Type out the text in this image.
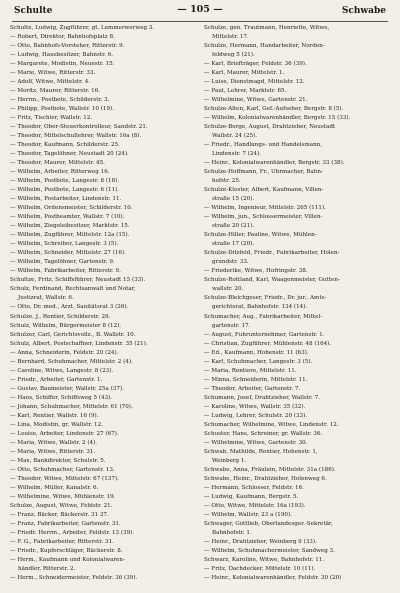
Schulte	— 105 —	Schwabe
Schulte, Ludwig, Zugführer, gt. Lemmerwerweg 3.
— Robert, Direktor, Bahnhofsplatz 8.
— Otto, Bahnhofs-Vorsteher, Ritterstr. 9.
— Ludwig, Hausbesitzer, Bahnstr. 6.
— Margarete, Modistin, Neuestr. 15.
— Marie, Witwe, Ritterstr. 33.
— Adolf, Witwe, Mittelstr. 4.
— Moritz, Maurer, Ritterstr. 16.
— Herrm., Postbote, Schilderstr. 3.
— Philipp, Postbote, Wallstr. 10 (19).
— Fritz, Tischler, Wallstr. 12.
— Theodor, Ober-Steuerkontrolleur, Sandstr. 21.
— Theodor, Mittelschullehrer, Wallstr. 16a (8).
— Theodor, Kaufmann, Schilderstr. 25.
— Theodor, Tagelöhner, Neustadt 20 (24).
— Theodor, Maurer, Mittelstr. 45.
— Wilhelm, Arbeiter, Ritterweg 16.
— Wilhelm, Postbote, Langestr. 8 (18).
— Wilhelm, Postbote, Langestr. 6 (11).
— Wilhelm, Postarbeiter, Lindenstr. 11.
— Wilhelm, Ordensmeister, Schilderstr. 10.
— Wilhelm, Postbeamter, Wallstr. 7 (10).
— Wilhelm, Ziegeleibesitzer, Marktstr. 15.
— Wilhelm, Zugführer, Mittelstr. 12a (15).
— Wilhelm, Schreiber, Langestr. 3 (5).
— Wilhelm, Schneider, Mittelstr. 27 (16).
— Wilhelm, Tagelöhner, Gartenstr. 9.
— Wilhelm, Fabrikarbeiter, Ritterstr. 9.
Schultze, Fritz, Schiffsführer, Neustadt 15 (33).
Schulz, Ferdinand, Rechtsanwalt und Notar,
Justizrat, Wallstr. 6.
— Otto, Dr. med., Arzt, Sanitätsrat 3 (26).
Schulze, J., Rentier, Schilderstr. 29.
Schulz, Wilhelm, Bürgermeister 8 (12).
Schulzer, Carl, Gerichtsvollz., B. Wallstr. 10.
Schulz, Albert, Postschaffner, Lindenstr. 35 (21).
— Anna, Schneiderin, Feldstr. 20 (24).
— Bernhard, Schuhmacher, Mittelstr. 2 (4).
— Caroline, Witwe, Langestr. 8 (23).
— Friedr., Arbeiter, Gartenstr. 1.
— Gustav, Baumeister, Wallstr. 25a (37).
— Hans, Schiffer, Schiffsweg 5 (43).
— Johann, Schuhmacher, Mittelstr. 61 (70).
— Karl, Rentier, Wallstr. 16 (9).
— Lina, Modistin, gr. Wallstr. 12.
— Louise, Arbeiter, Lindenstr. 27 (67).
— Maria, Witwe, Wallstr. 2 (4).
— Maria, Witwe, Ritterstr. 31.
— Max, Bankdirektor, Schulstr. 5.
— Otto, Schuhmacher, Gartenstr. 13.
— Theodor, Witwe, Mittelstr. 67 (137).
— Wilhelm, Müller, Kanalstr. 6.
— Wilhelmine, Witwe, Mühlenstr. 19.
Schulze, August, Witwe, Feldstr. 21.
— Franz, Bäcker, Bäckerstr. 31 37.
— Franz, Fabrikarbeiter, Gartenstr. 31.
— Friedr. Herrm., Arbeiter, Feldstr. 13 (39).
— F. G., Fabrikarbeiter, Ritterstr. 31.
— Friedr., Kupferschläger, Bäckerstr. 8.
— Herm., Kaufmann und Kolonialwaren-
händler, Ritterstr. 2.
— Herm., Schneidermeister, Feldstr. 36 (39).
Schulze, gen. Trautmann, Henriette, Witwe,
Mittelstr. 17.
Schulze, Hermann, Handarbeiter, Norden-
feldweg 5 (21).
— Karl, Briefträger, Feldstr. 36 (39).
— Karl, Maurer, Mittelstr. 1.
— Luise, Dienstmagd, Mittelstr. 12.
— Paul, Lehrer, Marktstr. 65.
— Wilhelmine, Witwe, Gartenstr. 21.
Schulze-Alten, Karl, Gef.-Aufseher, Bergstr. 8 (5).
— Wilhelm, Kolonialwarenhändler, Bergstr. 15 (33).
Schulze-Berge, August, Drahtzieher, Neustadt
Wallstr. 24 (25).
— Friedr., Handlungs- und Handelsmann,
Lindenstr. 7 (24).
— Heinr., Kolonialwarenhändler, Bergstr. 33 (38).
Schulze-Hoffmann, Fr., Uhrmacher, Bahn-
hofstr. 25.
Schulze-Kloster, Albert, Kaufmann, Villen-
straße 15 (20).
— Wilhelm, Ingenieur, Mittelstr. 265 (111).
— Wilhelm, jun., Schlossermeister, Villen-
straße 20 (21).
Schulze-Hiller, Pauline, Witwe, Mühlen-
straße 17 (20).
Schulze-Ditzfeld, Friedr., Fabrikarbeiter, Holen-
grundstr. 33.
— Friederike, Witwe, Hofringstr. 38.
Schulze-Rottland, Karl, Waagenmeister, Gutten-
wallstr. 20.
Schulze-Bleichgeser, Friedr., Dr. jur., Amts-
gerichtsrat, Bahnhofstr. 134 (14).
Schumacher, Aug., Fabrikarbeiter, Mittel-
gartenstr. 17.
— August, Fuhrunternehmer, Gartenstr. 1.
— Christian, Zugführer, Mühlenstr. 48 (164).
— Ed., Kaufmann, Hohenstr. 11 (63).
— Karl, Schuhmacher, Langestr. 3 (5).
— Maria, Rentiere, Mittelstr. 11.
— Minna, Schneiderin, Mittelstr. 11.
— Theodor, Arbeiter, Gartenstr. 7.
Schumann, Josef, Drahtzieher, Wallstr. 7.
— Karoline, Witwe, Wallstr. 35 (32).
— Ludwig, Lehrer, Schulstr. 20 (33).
Schumacher, Wilhelmine, Witwe, Lindenstr. 12.
Schuster, Hans, Schreiner, gr. Wallstr. 36.
— Wilhelmine, Witwe, Gartenstr. 30.
Schwab, Mathilde, Rentier, Hohenstr. 1,
Weinberg 1.
Schwabe, Anna, Fräulein, Mittelstr. 31a (186).
Schwabe, Heinr., Drahtzieher, Holenweg 6.
— Hermann, Schlosser, Feldstr. 16.
— Ludwig, Kaufmann, Bergstr. 5.
— Otto, Witwe, Mittelstr. 16a (193).
— Wilhelm, Wallstr. 23 a (190).
Schwager, Gottlieb, Oberlandesger.-Sekretär,
Bahnhofstr. 1.
— Heinr., Drahtzieher, Weinberg 9 (33).
— Wilhelm, Schuhmachermeister, Sandweg 3.
Schwarz, Karoline, Witwe, Bahnhofstr. 11.
— Fritz, Dachdecker, Mittelstr. 10 (11).
— Heinr., Kolonialwarenhändler, Feldstr. 30 (20)
